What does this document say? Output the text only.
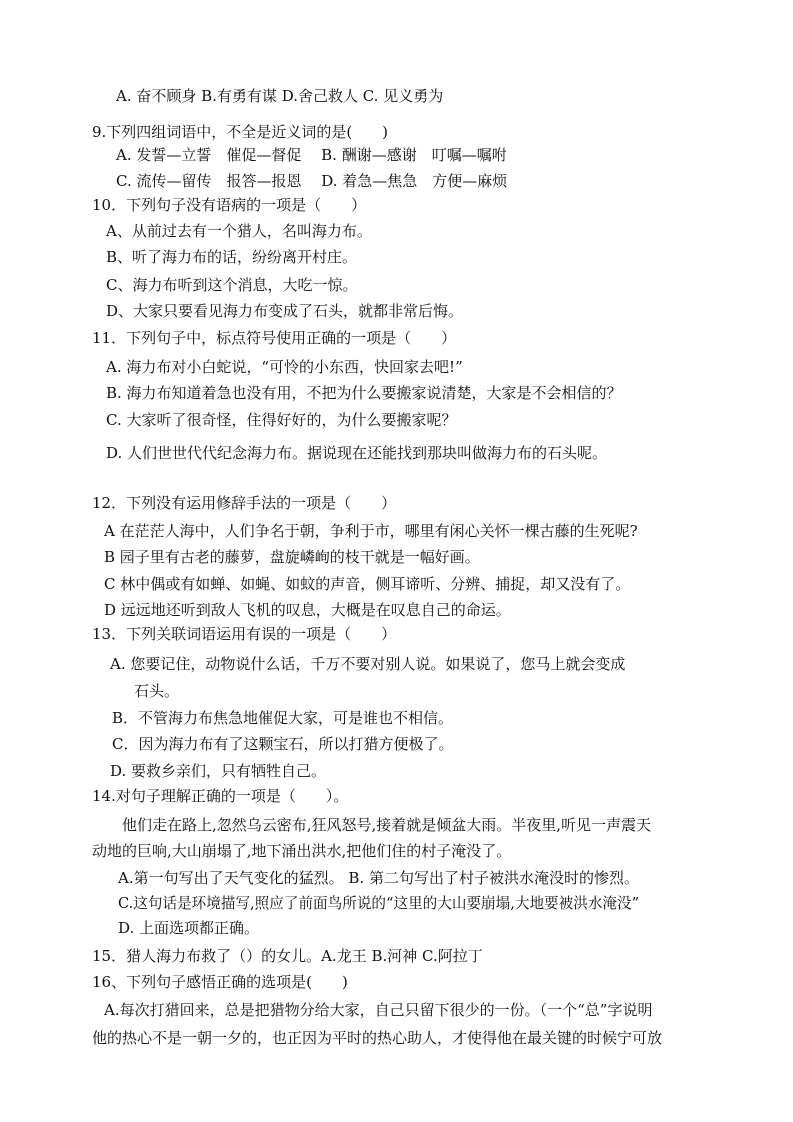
A. 奋不顾身 B.有勇有谋 D.舍己救人 C. 见义勇为
9.下列四组词语中，不全是近义词的是(　　)
A. 发誓—立誓　催促—督促　 B. 酬谢—感谢　叮嘱—嘱咐
C. 流传—留传　报答—报恩　 D. 着急—焦急　方便—麻烦
10．下列句子没有语病的一项是（　　）
A、从前过去有一个猎人，名叫海力布。
B、听了海力布的话，纷纷离开村庄。
C、海力布听到这个消息，大吃一惊。
D、大家只要看见海力布变成了石头，就都非常后悔。
11．下列句子中，标点符号使用正确的一项是（　　）
A. 海力布对小白蛇说，“可怜的小东西，快回家去吧!”
B. 海力布知道着急也没有用，不把为什么要搬家说清楚，大家是不会相信的？
C. 大家听了很奇怪，住得好好的，为什么要搬家呢？
D. 人们世世代代纪念海力布。据说现在还能找到那块叫做海力布的石头呢。
12．下列没有运用修辞手法的一项是（　　）
A 在茫茫人海中，人们争名于朝，争利于市，哪里有闲心关怀一棵古藤的生死呢?
B 园子里有古老的藤萝，盘旋嶙峋的枝干就是一幅好画。
C 林中偶或有如蝉、如蝇、如蚊的声音，侧耳谛听、分辨、捕捉，却又没有了。
D 远远地还听到敌人飞机的叹息，大概是在叹息自己的命运。
13．下列关联词语运用有误的一项是（　　）
A. 您要记住，动物说什么话，千万不要对别人说。如果说了，您马上就会变成
石头。
B．不管海力布焦急地催促大家，可是谁也不相信。
C．因为海力布有了这颗宝石，所以打猎方便极了。
D. 要救乡亲们，只有牺牲自己。
14.对句子理解正确的一项是（　　）。
他们走在路上,忽然乌云密布,狂风怒号,接着就是倾盆大雨。半夜里,听见一声震天
动地的巨响,大山崩塌了,地下涌出洪水,把他们住的村子淹没了。
A.第一句写出了天气变化的猛烈。 B. 第二句写出了村子被洪水淹没时的惨烈。
C.这句话是环境描写,照应了前面鸟所说的“这里的大山要崩塌,大地要被洪水淹没”
D. 上面选项都正确。
15．猎人海力布救了（）的女儿。A.龙王 B.河神 C.阿拉丁
16、下列句子感悟正确的选项是(　　)
A.每次打猎回来，总是把猎物分给大家，自己只留下很少的一份。（一个“总”字说明
他的热心不是一朝一夕的，也正因为平时的热心助人，才使得他在最关键的时候宁可放
